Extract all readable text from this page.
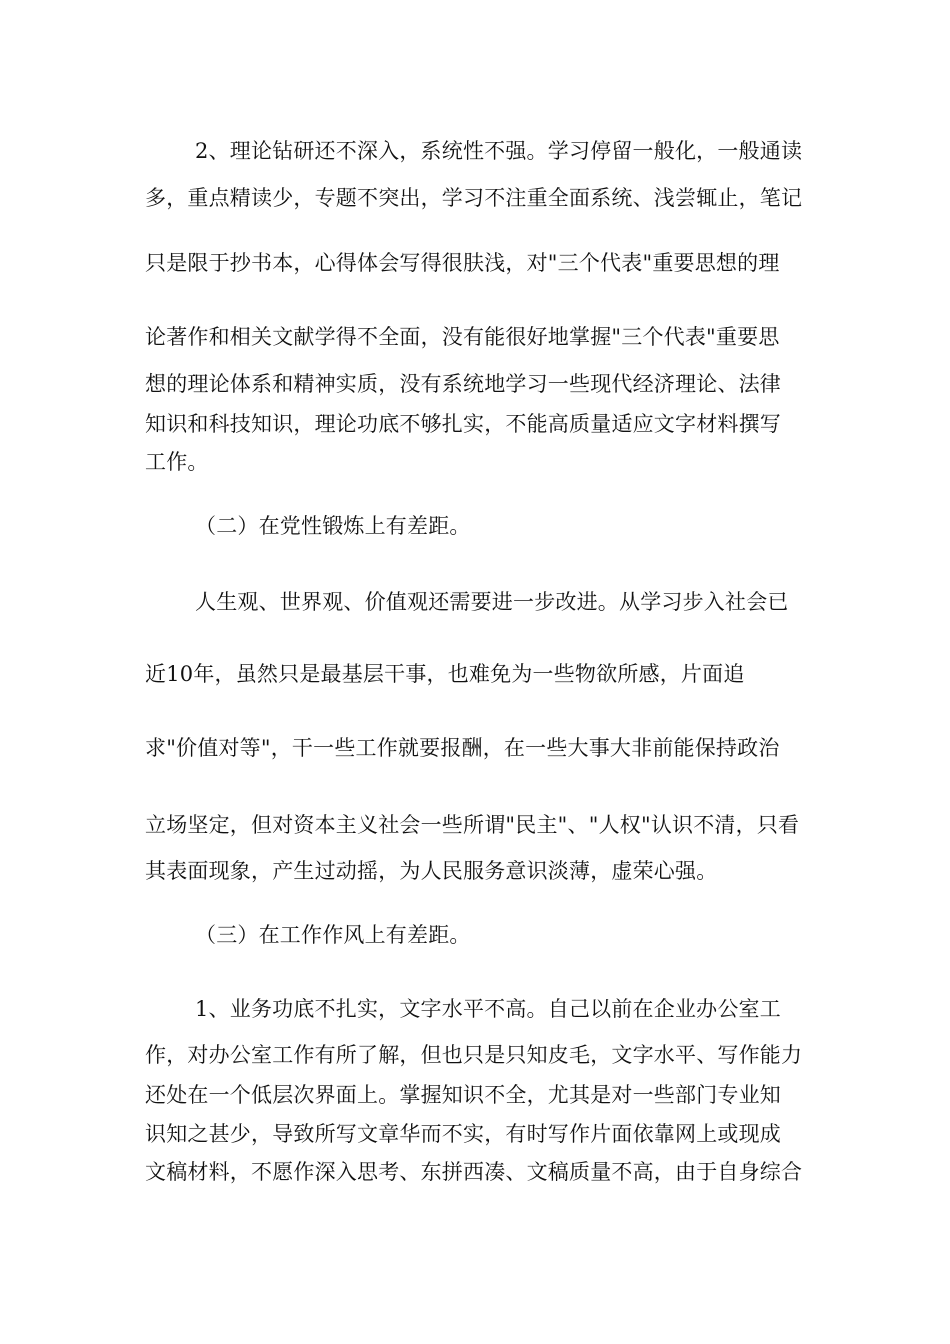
2、理论钻研还不深入，系统性不强。学习停留一般化，一般通读
多，重点精读少，专题不突出，学习不注重全面系统、浅尝辄止，笔记
只是限于抄书本，心得体会写得很肤浅，对"三个代表"重要思想的理
论著作和相关文献学得不全面，没有能很好地掌握"三个代表"重要思
想的理论体系和精神实质，没有系统地学习一些现代经济理论、法律
知识和科技知识，理论功底不够扎实，不能高质量适应文字材料撰写
工作。
（二）在党性锻炼上有差距。
人生观、世界观、价值观还需要进一步改进。从学习步入社会已
近10年，虽然只是最基层干事，也难免为一些物欲所感，片面追
求"价值对等"，干一些工作就要报酬，在一些大事大非前能保持政治
立场坚定，但对资本主义社会一些所谓"民主"、"人权"认识不清，只看
其表面现象，产生过动摇，为人民服务意识淡薄，虚荣心强。
（三）在工作作风上有差距。
1、业务功底不扎实，文字水平不高。自己以前在企业办公室工
作，对办公室工作有所了解，但也只是只知皮毛，文字水平、写作能力
还处在一个低层次界面上。掌握知识不全，尤其是对一些部门专业知
识知之甚少，导致所写文章华而不实，有时写作片面依靠网上或现成
文稿材料，不愿作深入思考、东拼西凑、文稿质量不高，由于自身综合
